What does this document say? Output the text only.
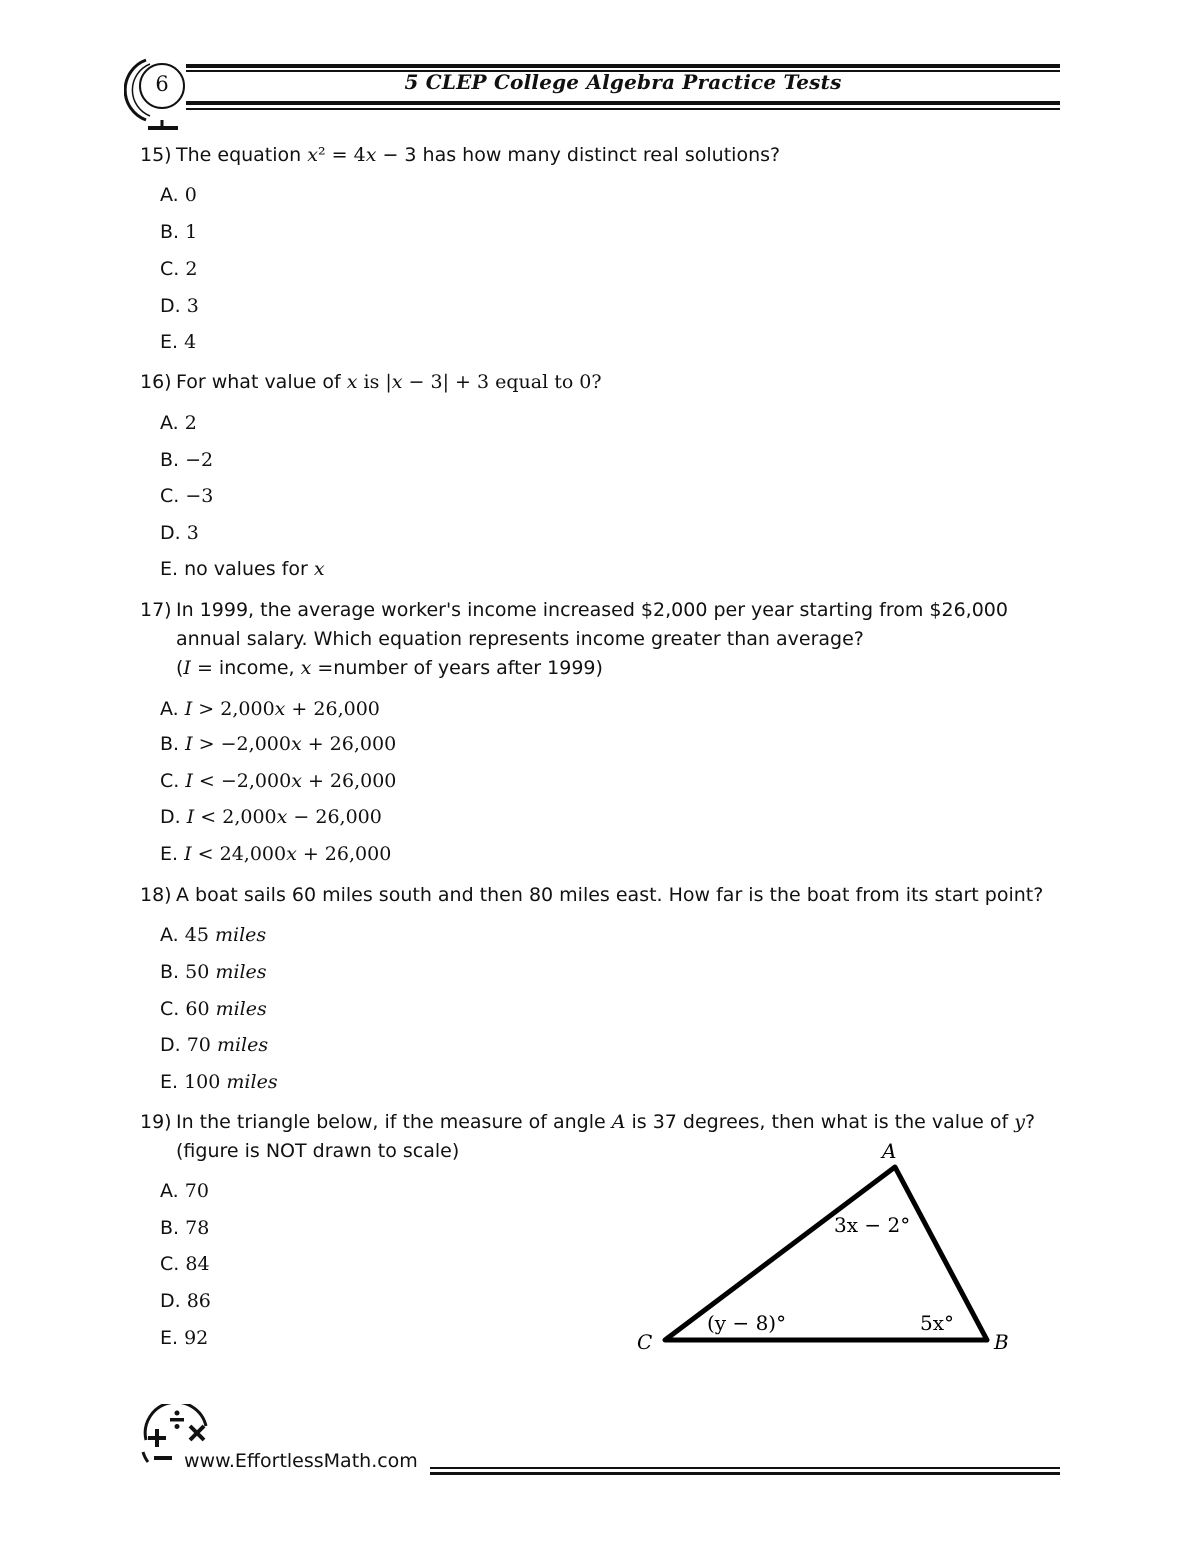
6	5 CLEP College Algebra Practice Tests
15) The equation x² = 4x − 3 has how many distinct real solutions?
A. 0
B. 1
C. 2
D. 3
E. 4
16) For what value of x is |x − 3| + 3 equal to 0?
A. 2
B. −2
C. −3
D. 3
E. no values for x
17) In 1999, the average worker's income increased $2,000 per year starting from $26,000
annual salary. Which equation represents income greater than average?
(I = income, x =number of years after 1999)
A. I > 2,000x + 26,000
B. I > −2,000x + 26,000
C. I < −2,000x + 26,000
D. I < 2,000x − 26,000
E. I < 24,000x + 26,000
18) A boat sails 60 miles south and then 80 miles east. How far is the boat from its start point?
A. 45 miles
B. 50 miles
C. 60 miles
D. 70 miles
E. 100 miles
19) In the triangle below, if the measure of angle A is 37 degrees, then what is the value of y?
(figure is NOT drawn to scale)
A. 70
B. 78
C. 84
D. 86
E. 92
A
B
C
3x − 2°
5x°
(y − 8)°
www.EffortlessMath.com
